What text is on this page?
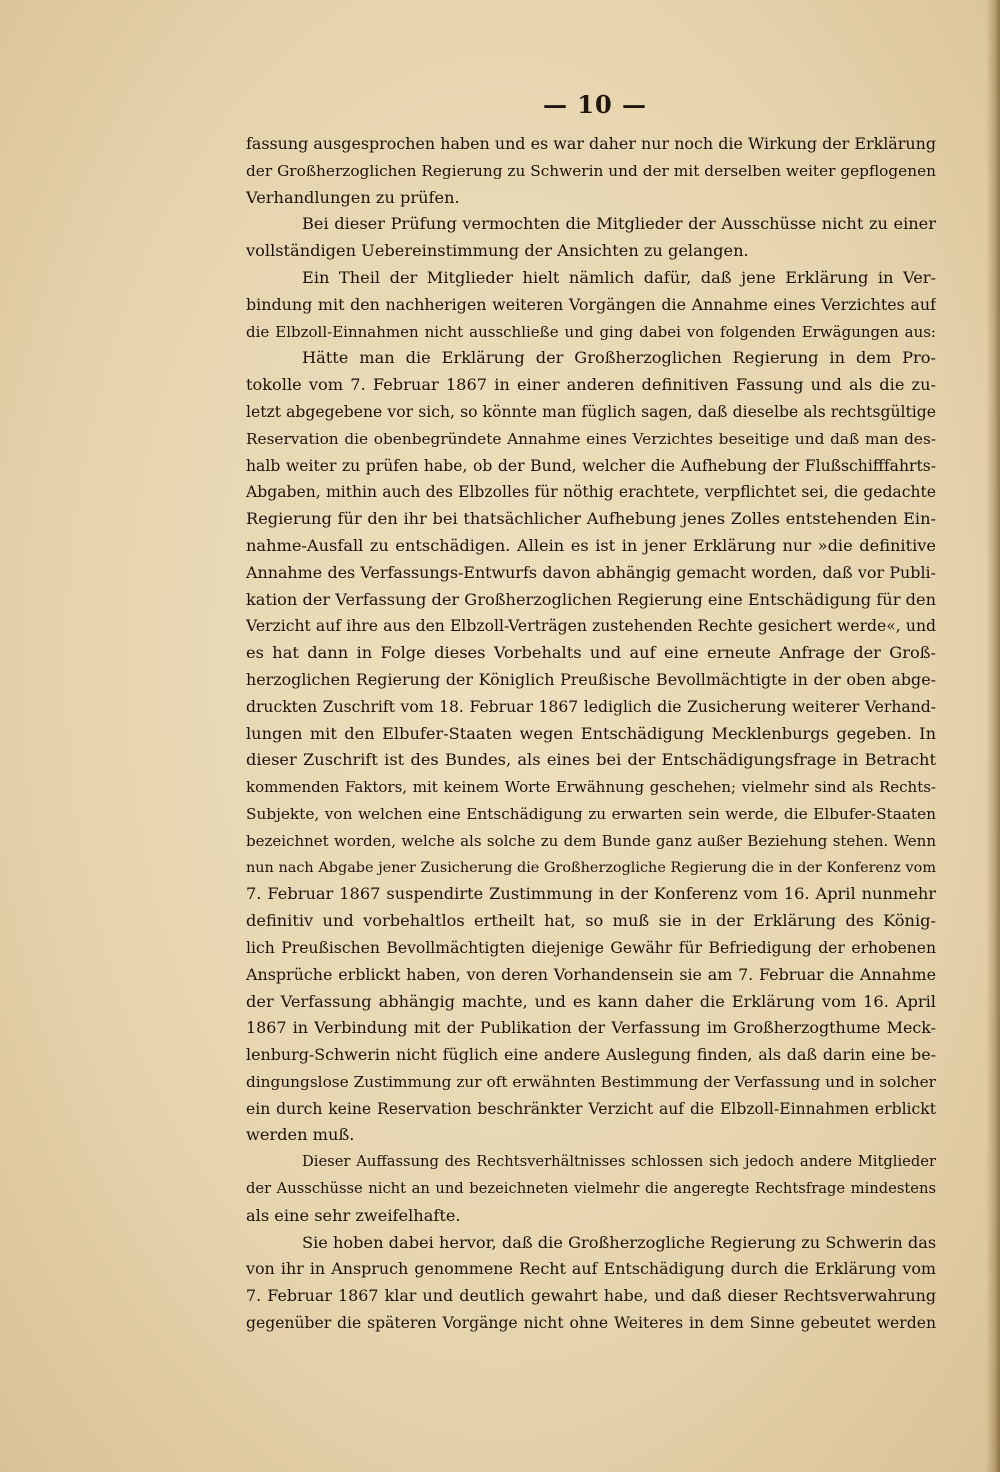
— 10 —
fassung ausgesprochen haben und es war daher nur noch die Wirkung der Erklärung
der Großherzoglichen Regierung zu Schwerin und der mit derselben weiter gepflogenen
Verhandlungen zu prüfen.
Bei dieser Prüfung vermochten die Mitglieder der Ausschüsse nicht zu einer
vollständigen Uebereinstimmung der Ansichten zu gelangen.
Ein Theil der Mitglieder hielt nämlich dafür, daß jene Erklärung in Ver-
bindung mit den nachherigen weiteren Vorgängen die Annahme eines Verzichtes auf
die Elbzoll-Einnahmen nicht ausschließe und ging dabei von folgenden Erwägungen aus:
Hätte man die Erklärung der Großherzoglichen Regierung in dem Pro-
tokolle vom 7. Februar 1867 in einer anderen definitiven Fassung und als die zu-
letzt abgegebene vor sich, so könnte man füglich sagen, daß dieselbe als rechtsgültige
Reservation die obenbegründete Annahme eines Verzichtes beseitige und daß man des-
halb weiter zu prüfen habe, ob der Bund, welcher die Aufhebung der Flußschifffahrts-
Abgaben, mithin auch des Elbzolles für nöthig erachtete, verpflichtet sei, die gedachte
Regierung für den ihr bei thatsächlicher Aufhebung jenes Zolles entstehenden Ein-
nahme-Ausfall zu entschädigen. Allein es ist in jener Erklärung nur »die definitive
Annahme des Verfassungs-Entwurfs davon abhängig gemacht worden, daß vor Publi-
kation der Verfassung der Großherzoglichen Regierung eine Entschädigung für den
Verzicht auf ihre aus den Elbzoll-Verträgen zustehenden Rechte gesichert werde«, und
es hat dann in Folge dieses Vorbehalts und auf eine erneute Anfrage der Groß-
herzoglichen Regierung der Königlich Preußische Bevollmächtigte in der oben abge-
druckten Zuschrift vom 18. Februar 1867 lediglich die Zusicherung weiterer Verhand-
lungen mit den Elbufer-Staaten wegen Entschädigung Mecklenburgs gegeben. In
dieser Zuschrift ist des Bundes, als eines bei der Entschädigungsfrage in Betracht
kommenden Faktors, mit keinem Worte Erwähnung geschehen; vielmehr sind als Rechts-
Subjekte, von welchen eine Entschädigung zu erwarten sein werde, die Elbufer-Staaten
bezeichnet worden, welche als solche zu dem Bunde ganz außer Beziehung stehen. Wenn
nun nach Abgabe jener Zusicherung die Großherzogliche Regierung die in der Konferenz vom
7. Februar 1867 suspendirte Zustimmung in der Konferenz vom 16. April nunmehr
definitiv und vorbehaltlos ertheilt hat, so muß sie in der Erklärung des König-
lich Preußischen Bevollmächtigten diejenige Gewähr für Befriedigung der erhobenen
Ansprüche erblickt haben, von deren Vorhandensein sie am 7. Februar die Annahme
der Verfassung abhängig machte, und es kann daher die Erklärung vom 16. April
1867 in Verbindung mit der Publikation der Verfassung im Großherzogthume Meck-
lenburg-Schwerin nicht füglich eine andere Auslegung finden, als daß darin eine be-
dingungslose Zustimmung zur oft erwähnten Bestimmung der Verfassung und in solcher
ein durch keine Reservation beschränkter Verzicht auf die Elbzoll-Einnahmen erblickt
werden muß.
Dieser Auffassung des Rechtsverhältnisses schlossen sich jedoch andere Mitglieder
der Ausschüsse nicht an und bezeichneten vielmehr die angeregte Rechtsfrage mindestens
als eine sehr zweifelhafte.
Sie hoben dabei hervor, daß die Großherzogliche Regierung zu Schwerin das
von ihr in Anspruch genommene Recht auf Entschädigung durch die Erklärung vom
7. Februar 1867 klar und deutlich gewahrt habe, und daß dieser Rechtsverwahrung
gegenüber die späteren Vorgänge nicht ohne Weiteres in dem Sinne gebeutet werden
